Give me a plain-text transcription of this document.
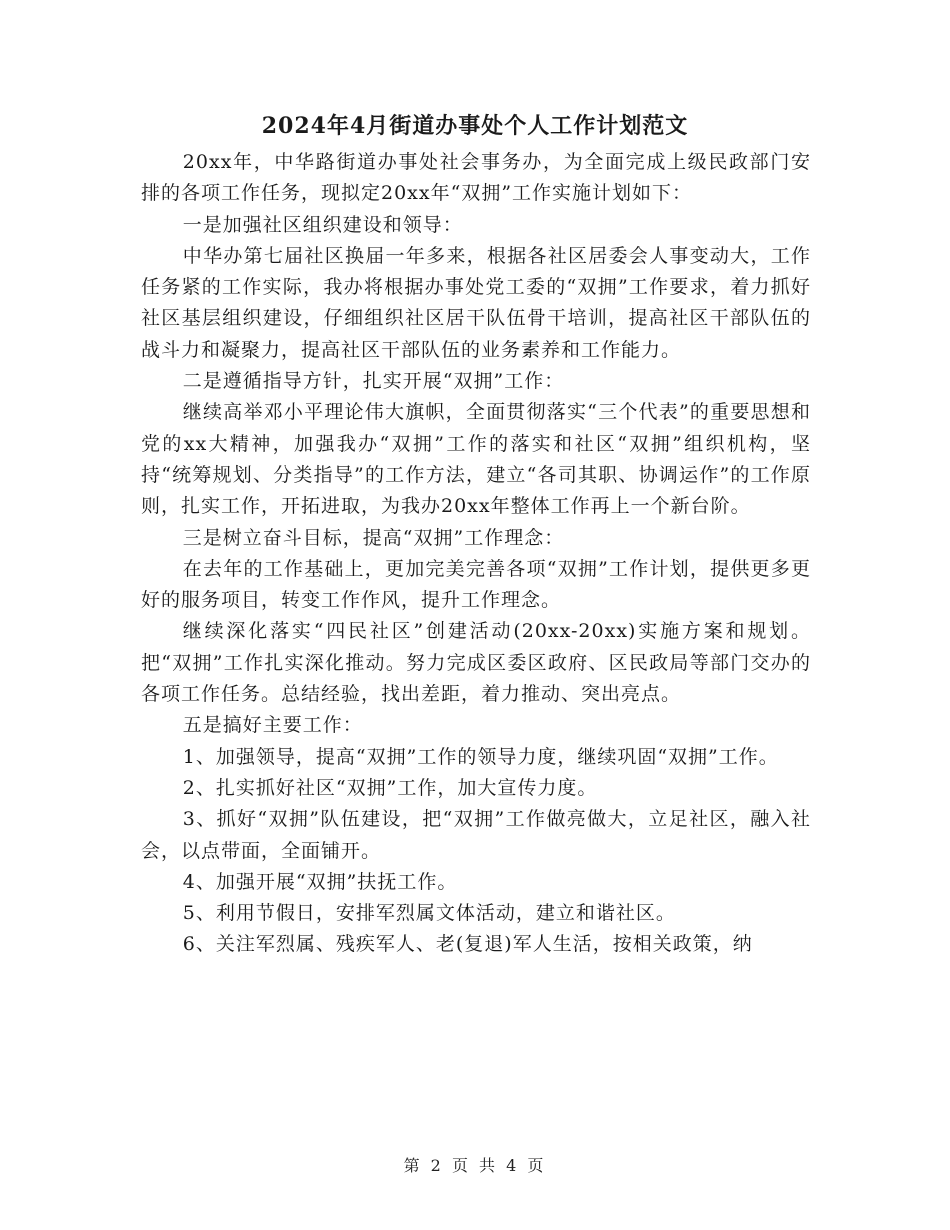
2024年4月街道办事处个人工作计划范文

20xx年，中华路街道办事处社会事务办，为全面完成上级民政部门安排的各项工作任务，现拟定20xx年“双拥”工作实施计划如下：

一是加强社区组织建设和领导：

中华办第七届社区换届一年多来，根据各社区居委会人事变动大，工作任务紧的工作实际，我办将根据办事处党工委的“双拥”工作要求，着力抓好社区基层组织建设，仔细组织社区居干队伍骨干培训，提高社区干部队伍的战斗力和凝聚力，提高社区干部队伍的业务素养和工作能力。

二是遵循指导方针，扎实开展“双拥”工作：

继续高举邓小平理论伟大旗帜，全面贯彻落实“三个代表”的重要思想和党的xx大精神，加强我办“双拥”工作的落实和社区“双拥”组织机构，坚持“统筹规划、分类指导”的工作方法，建立“各司其职、协调运作”的工作原则，扎实工作，开拓进取，为我办20xx年整体工作再上一个新台阶。

三是树立奋斗目标，提高“双拥”工作理念：

在去年的工作基础上，更加完美完善各项“双拥”工作计划，提供更多更好的服务项目，转变工作作风，提升工作理念。

继续深化落实“四民社区”创建活动(20xx-20xx)实施方案和规划。把“双拥”工作扎实深化推动。努力完成区委区政府、区民政局等部门交办的各项工作任务。总结经验，找出差距，着力推动、突出亮点。

五是搞好主要工作：

1、加强领导，提高“双拥”工作的领导力度，继续巩固“双拥”工作。

2、扎实抓好社区“双拥”工作，加大宣传力度。

3、抓好“双拥”队伍建设，把“双拥”工作做亮做大，立足社区，融入社会，以点带面，全面铺开。

4、加强开展“双拥”扶抚工作。

5、利用节假日，安排军烈属文体活动，建立和谐社区。

6、关注军烈属、残疾军人、老(复退)军人生活，按相关政策，纳

第 2 页 共 4 页
